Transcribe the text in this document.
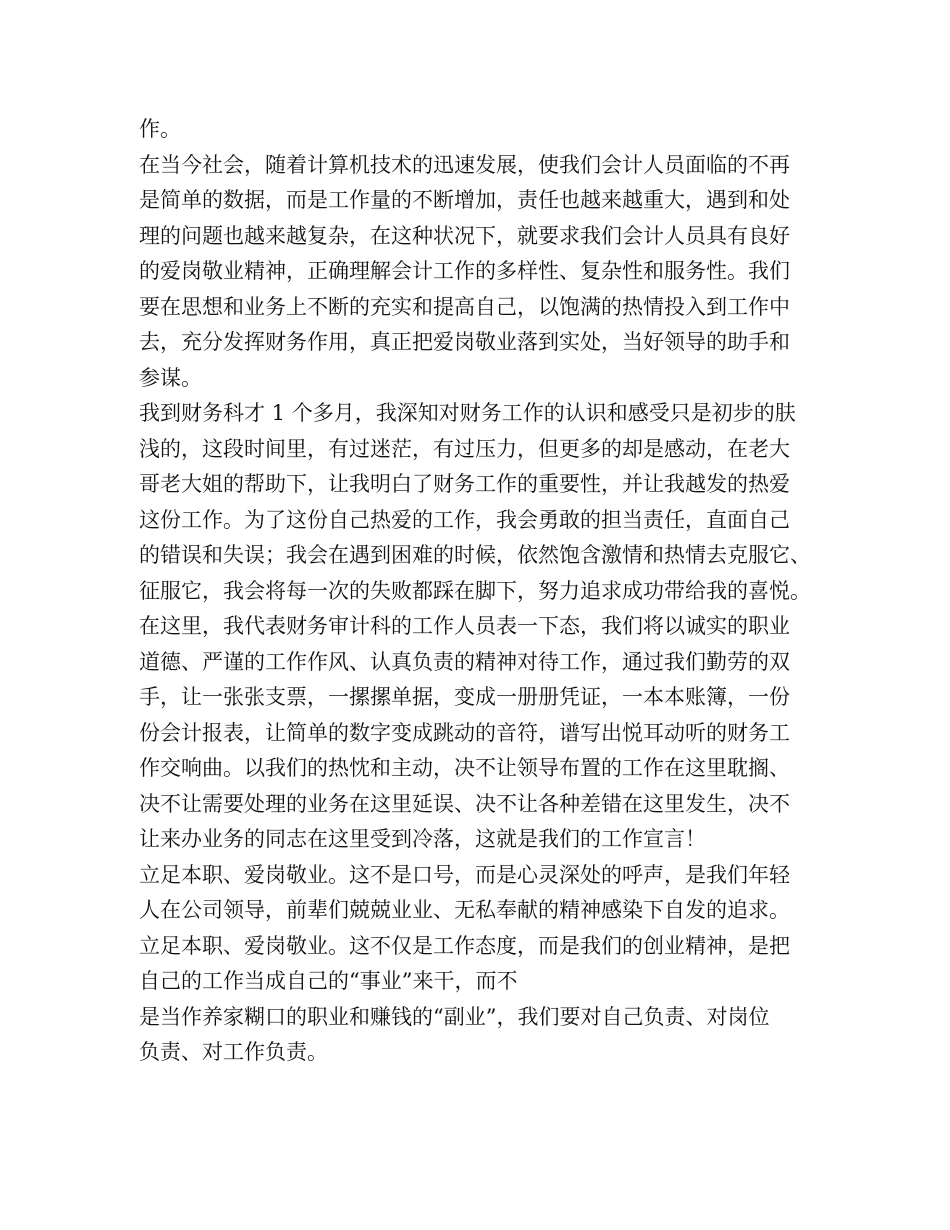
作。
在当今社会，随着计算机技术的迅速发展，使我们会计人员面临的不再
是简单的数据，而是工作量的不断增加，责任也越来越重大，遇到和处
理的问题也越来越复杂，在这种状况下，就要求我们会计人员具有良好
的爱岗敬业精神，正确理解会计工作的多样性、复杂性和服务性。我们
要在思想和业务上不断的充实和提高自己，以饱满的热情投入到工作中
去，充分发挥财务作用，真正把爱岗敬业落到实处，当好领导的助手和
参谋。
我到财务科才 1 个多月，我深知对财务工作的认识和感受只是初步的肤
浅的，这段时间里，有过迷茫，有过压力，但更多的却是感动，在老大
哥老大姐的帮助下，让我明白了财务工作的重要性，并让我越发的热爱
这份工作。为了这份自己热爱的工作，我会勇敢的担当责任，直面自己
的错误和失误；我会在遇到困难的时候，依然饱含激情和热情去克服它、
征服它，我会将每一次的失败都踩在脚下，努力追求成功带给我的喜悦。
在这里，我代表财务审计科的工作人员表一下态，我们将以诚实的职业
道德、严谨的工作作风、认真负责的精神对待工作，通过我们勤劳的双
手，让一张张支票，一摞摞单据，变成一册册凭证，一本本账簿，一份
份会计报表，让简单的数字变成跳动的音符，谱写出悦耳动听的财务工
作交响曲。以我们的热忱和主动，决不让领导布置的工作在这里耽搁、
决不让需要处理的业务在这里延误、决不让各种差错在这里发生，决不
让来办业务的同志在这里受到冷落，这就是我们的工作宣言！
立足本职、爱岗敬业。这不是口号，而是心灵深处的呼声，是我们年轻
人在公司领导，前辈们兢兢业业、无私奉献的精神感染下自发的追求。
立足本职、爱岗敬业。这不仅是工作态度，而是我们的创业精神，是把
自己的工作当成自己的“事业”来干，而不
是当作养家糊口的职业和赚钱的“副业”，我们要对自己负责、对岗位
负责、对工作负责。
